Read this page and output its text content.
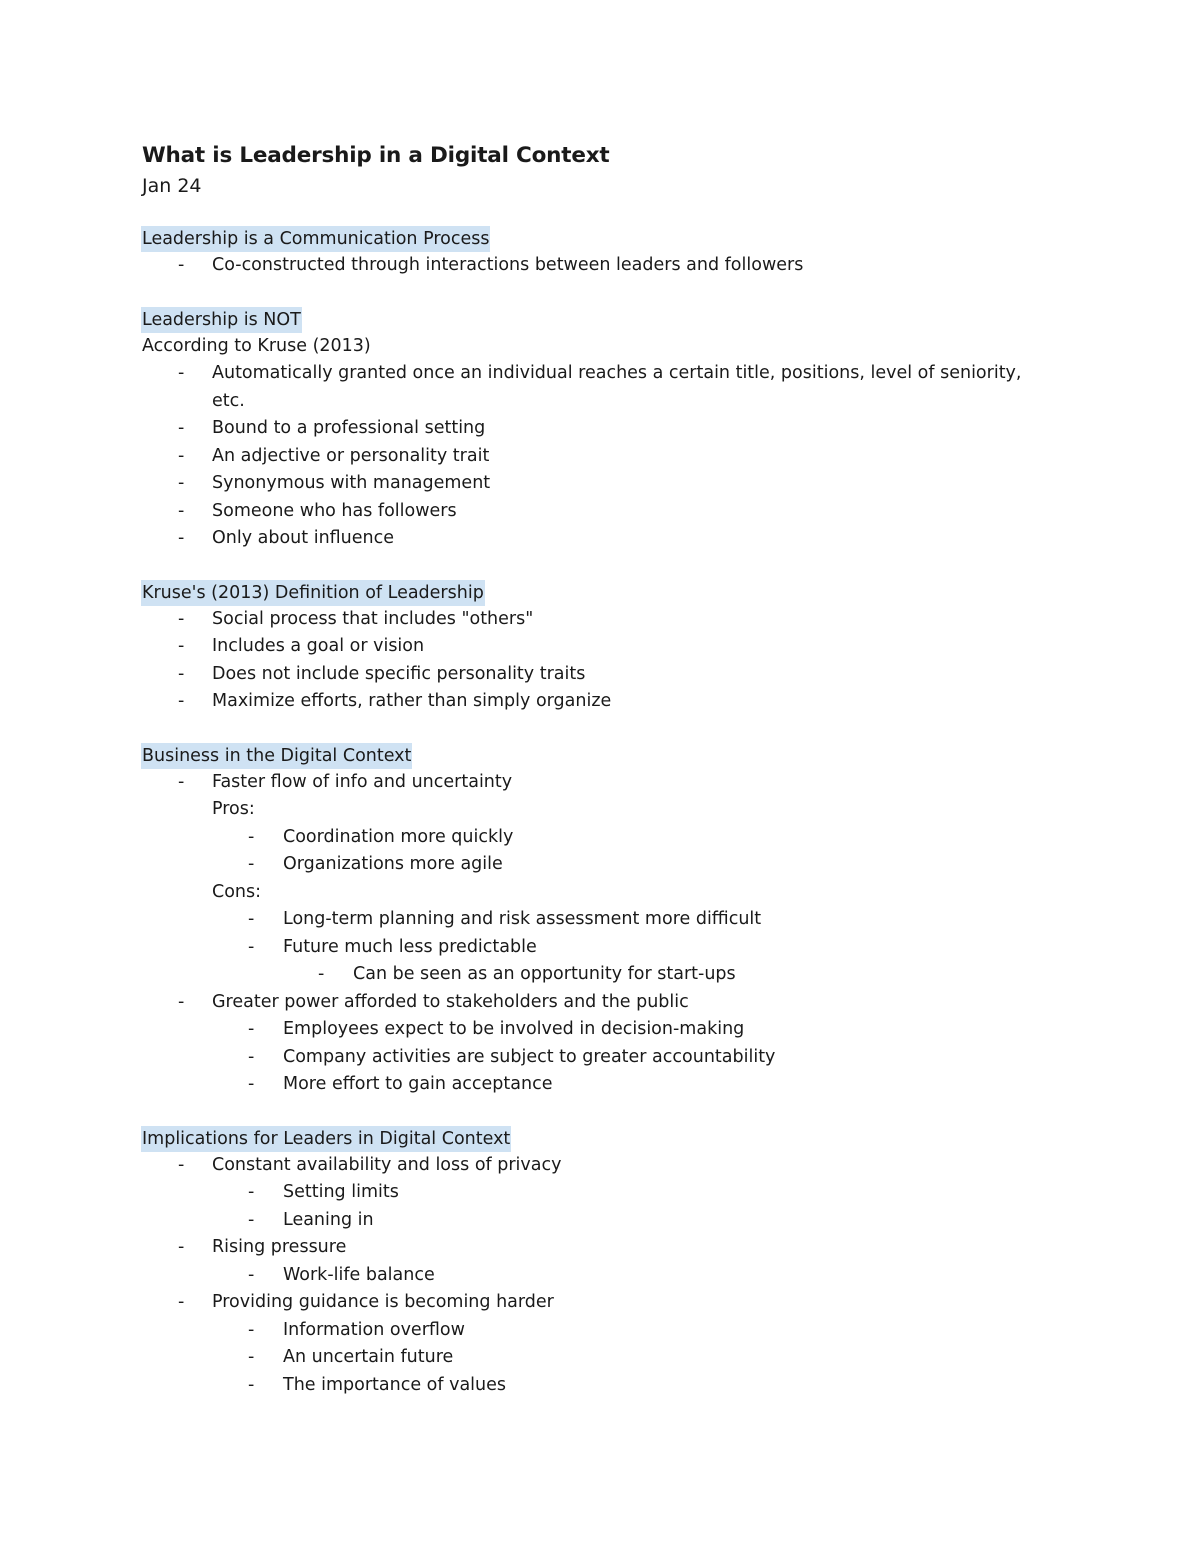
What is Leadership in a Digital Context
Jan 24
Leadership is a Communication Process
- Co-constructed through interactions between leaders and followers
Leadership is NOT
According to Kruse (2013)
- Automatically granted once an individual reaches a certain title, positions, level of seniority, etc.
- Bound to a professional setting
- An adjective or personality trait
- Synonymous with management
- Someone who has followers
- Only about influence
Kruse's (2013) Definition of Leadership
- Social process that includes "others"
- Includes a goal or vision
- Does not include specific personality traits
- Maximize efforts, rather than simply organize
Business in the Digital Context
- Faster flow of info and uncertainty
Pros:
- Coordination more quickly
- Organizations more agile
Cons:
- Long-term planning and risk assessment more difficult
- Future much less predictable
- Can be seen as an opportunity for start-ups
- Greater power afforded to stakeholders and the public
- Employees expect to be involved in decision-making
- Company activities are subject to greater accountability
- More effort to gain acceptance
Implications for Leaders in Digital Context
- Constant availability and loss of privacy
- Setting limits
- Leaning in
- Rising pressure
- Work-life balance
- Providing guidance is becoming harder
- Information overflow
- An uncertain future
- The importance of values
